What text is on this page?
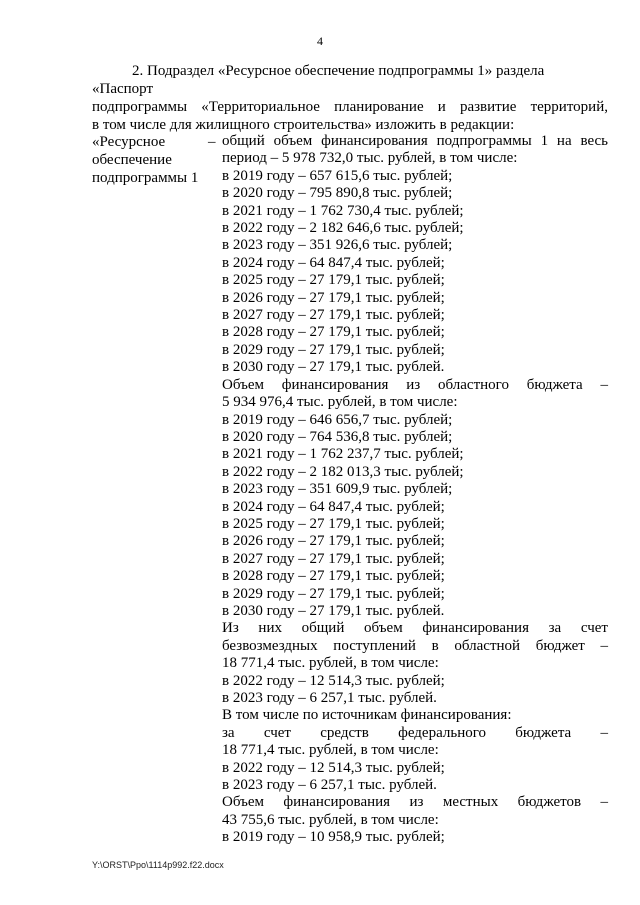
4
2. Подраздел «Ресурсное обеспечение подпрограммы 1» раздела «Паспорт
подпрограммы «Территориальное планирование и развитие территорий,
в том числе для жилищного строительства» изложить в редакции:
«Ресурсное
обеспечение
подпрограммы 1
– общий объем финансирования подпрограммы 1 на весь
период – 5 978 732,0 тыс. рублей, в том числе:
в 2019 году – 657 615,6 тыс. рублей;
в 2020 году – 795 890,8 тыс. рублей;
в 2021 году – 1 762 730,4 тыс. рублей;
в 2022 году – 2 182 646,6 тыс. рублей;
в 2023 году – 351 926,6 тыс. рублей;
в 2024 году – 64 847,4 тыс. рублей;
в 2025 году – 27 179,1 тыс. рублей;
в 2026 году – 27 179,1 тыс. рублей;
в 2027 году – 27 179,1 тыс. рублей;
в 2028 году – 27 179,1 тыс. рублей;
в 2029 году – 27 179,1 тыс. рублей;
в 2030 году – 27 179,1 тыс. рублей.
Объем финансирования из областного бюджета –
5 934 976,4 тыс. рублей, в том числе:
в 2019 году – 646 656,7 тыс. рублей;
в 2020 году – 764 536,8 тыс. рублей;
в 2021 году – 1 762 237,7 тыс. рублей;
в 2022 году – 2 182 013,3 тыс. рублей;
в 2023 году – 351 609,9 тыс. рублей;
в 2024 году – 64 847,4 тыс. рублей;
в 2025 году – 27 179,1 тыс. рублей;
в 2026 году – 27 179,1 тыс. рублей;
в 2027 году – 27 179,1 тыс. рублей;
в 2028 году – 27 179,1 тыс. рублей;
в 2029 году – 27 179,1 тыс. рублей;
в 2030 году – 27 179,1 тыс. рублей.
Из них общий объем финансирования за счет
безвозмездных поступлений в областной бюджет –
18 771,4 тыс. рублей, в том числе:
в 2022 году – 12 514,3 тыс. рублей;
в 2023 году – 6 257,1 тыс. рублей.
В том числе по источникам финансирования:
за счет средств федерального бюджета –
18 771,4 тыс. рублей, в том числе:
в 2022 году – 12 514,3 тыс. рублей;
в 2023 году – 6 257,1 тыс. рублей.
Объем финансирования из местных бюджетов –
43 755,6 тыс. рублей, в том числе:
в 2019 году – 10 958,9 тыс. рублей;
Y:\ORST\Ppo\1114p992.f22.docx
